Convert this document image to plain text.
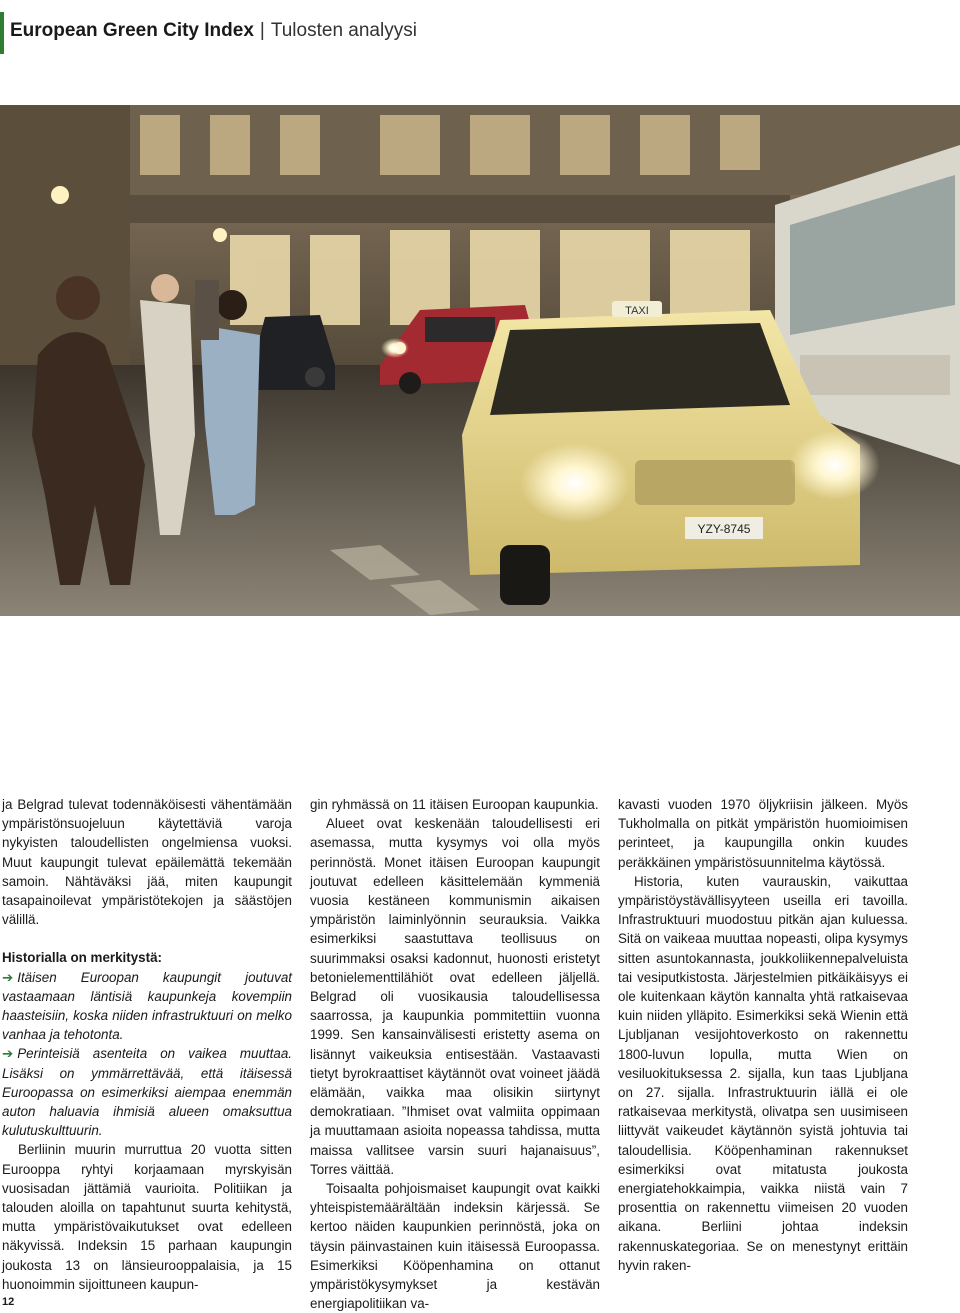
European Green City Index | Tulosten analyysi
TAXI
ΥΖΥ-8745

ja Belgrad tulevat todennäköisesti vähentämään ympäristönsuojeluun käytettäviä varoja nykyisten taloudellisten ongelmiensa vuoksi. Muut kaupungit tulevat epäilemättä tekemään samoin. Nähtäväksi jää, miten kaupungit tasapainoilevat ympäristötekojen ja säästöjen välillä.

Historialla on merkitystä:

➔ Itäisen Euroopan kaupungit joutuvat vastaamaan läntisiä kaupunkeja kovempiin haasteisiin, koska niiden infrastruktuuri on melko vanhaa ja tehotonta.

➔ Perinteisiä asenteita on vaikea muuttaa. Lisäksi on ymmärrettävää, että itäisessä Euroopassa on esimerkiksi aiempaa enemmän auton haluavia ihmisiä alueen omaksuttua kulutuskulttuurin.

Berliinin muurin murruttua 20 vuotta sitten Eurooppa ryhtyi korjaamaan myrskyisän vuosisadan jättämiä vaurioita. Politiikan ja talouden aloilla on tapahtunut suurta kehitystä, mutta ympäristövaikutukset ovat edelleen näkyvissä. Indeksin 15 parhaan kaupungin joukosta 13 on länsieurooppalaisia, ja 15 huonoimmin sijoittuneen kaupun-

gin ryhmässä on 11 itäisen Euroopan kaupunkia.

Alueet ovat keskenään taloudellisesti eri asemassa, mutta kysymys voi olla myös perinnöstä. Monet itäisen Euroopan kaupungit joutuvat edelleen käsittelemään kymmeniä vuosia kestäneen kommunismin aikaisen ympäristön laiminlyönnin seurauksia. Vaikka esimerkiksi saastuttava teollisuus on suurimmaksi osaksi kadonnut, huonosti eristetyt betonielementtilähiöt ovat edelleen jäljellä. Belgrad oli vuosikausia taloudellisessa saarrossa, ja kaupunkia pommitettiin vuonna 1999. Sen kansainvälisesti eristetty asema on lisännyt vaikeuksia entisestään. Vastaavasti tietyt byrokraattiset käytännöt ovat voineet jäädä elämään, vaikka maa olisikin siirtynyt demokratiaan. ”Ihmiset ovat valmiita oppimaan ja muuttamaan asioita nopeassa tahdissa, mutta maissa vallitsee varsin suuri hajanaisuus”, Torres väittää.

Toisaalta pohjoismaiset kaupungit ovat kaikki yhteispistemäärältään indeksin kärjessä. Se kertoo näiden kaupunkien perinnöstä, joka on täysin päinvastainen kuin itäisessä Euroopassa. Esimerkiksi Kööpenhamina on ottanut ympäristökysymykset ja kestävän energiapolitiikan va-

kavasti vuoden 1970 öljykriisin jälkeen. Myös Tukholmalla on pitkät ympäristön huomioimisen perinteet, ja kaupungilla onkin kuudes peräkkäinen ympäristösuunnitelma käytössä.

Historia, kuten vaurauskin, vaikuttaa ympäristöystävällisyyteen useilla eri tavoilla. Infrastruktuuri muodostuu pitkän ajan kuluessa. Sitä on vaikeaa muuttaa nopeasti, olipa kysymys sitten asuntokannasta, joukkoliikennepalveluista tai vesiputkistosta. Järjestelmien pitkäikäisyys ei ole kuitenkaan käytön kannalta yhtä ratkaisevaa kuin niiden ylläpito. Esimerkiksi sekä Wienin että Ljubljanan vesijohtoverkosto on rakennettu 1800-luvun lopulla, mutta Wien on vesiluokituksessa 2. sijalla, kun taas Ljubljana on 27. sijalla. Infrastruktuurin iällä ei ole ratkaisevaa merkitystä, olivatpa sen uusimiseen liittyvät vaikeudet käytännön syistä johtuvia tai taloudellisia. Kööpenhaminan rakennukset esimerkiksi ovat mitatusta joukosta energiatehokkaimpia, vaikka niistä vain 7 prosenttia on rakennettu viimeisen 20 vuoden aikana. Berliini johtaa indeksin rakennuskategoriaa. Se on menestynyt erittäin hyvin raken-

12
